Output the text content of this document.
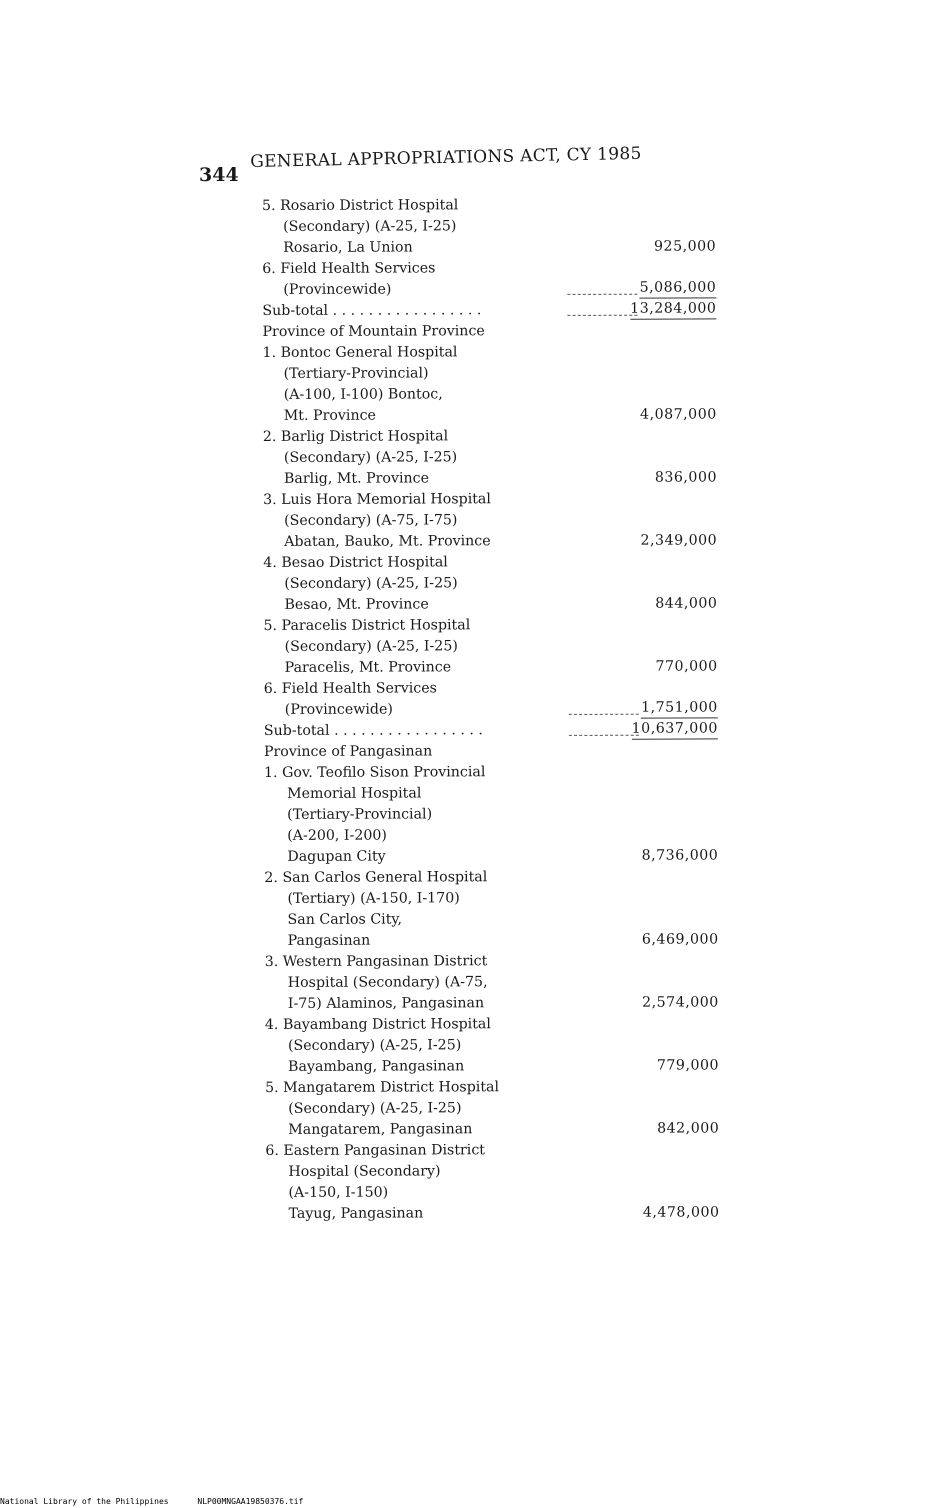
344
GENERAL APPROPRIATIONS ACT, CY 1985
5. Rosario District Hospital
(Secondary) (A-25, I-25)
Rosario, La Union	925,000
6. Field Health Services
(Provincewide)	5,086,000
Sub-total . . . . . . . . . . . . . . . . .	13,284,000
Province of Mountain Province
1. Bontoc General Hospital
(Tertiary-Provincial)
(A-100, I-100) Bontoc,
Mt. Province	4,087,000
2. Barlig District Hospital
(Secondary) (A-25, I-25)
Barlig, Mt. Province	836,000
3. Luis Hora Memorial Hospital
(Secondary) (A-75, I-75)
Abatan, Bauko, Mt. Province	2,349,000
4. Besao District Hospital
(Secondary) (A-25, I-25)
Besao, Mt. Province	844,000
5. Paracelis District Hospital
(Secondary) (A-25, I-25)
Paracelis, Mt. Province	770,000
6. Field Health Services
(Provincewide)	1,751,000
Sub-total . . . . . . . . . . . . . . . . .	10,637,000
Province of Pangasinan
1. Gov. Teofilo Sison Provincial
Memorial Hospital
(Tertiary-Provincial)
(A-200, I-200)
Dagupan City	8,736,000
2. San Carlos General Hospital
(Tertiary) (A-150, I-170)
San Carlos City,
Pangasinan	6,469,000
3. Western Pangasinan District
Hospital (Secondary) (A-75,
I-75) Alaminos, Pangasinan	2,574,000
4. Bayambang District Hospital
(Secondary) (A-25, I-25)
Bayambang, Pangasinan	779,000
5. Mangatarem District Hospital
(Secondary) (A-25, I-25)
Mangatarem, Pangasinan	842,000
6. Eastern Pangasinan District
Hospital (Secondary)
(A-150, I-150)
Tayug, Pangasinan	4,478,000
National Library of the Philippines	NLP00MNGAA19850376.tif
